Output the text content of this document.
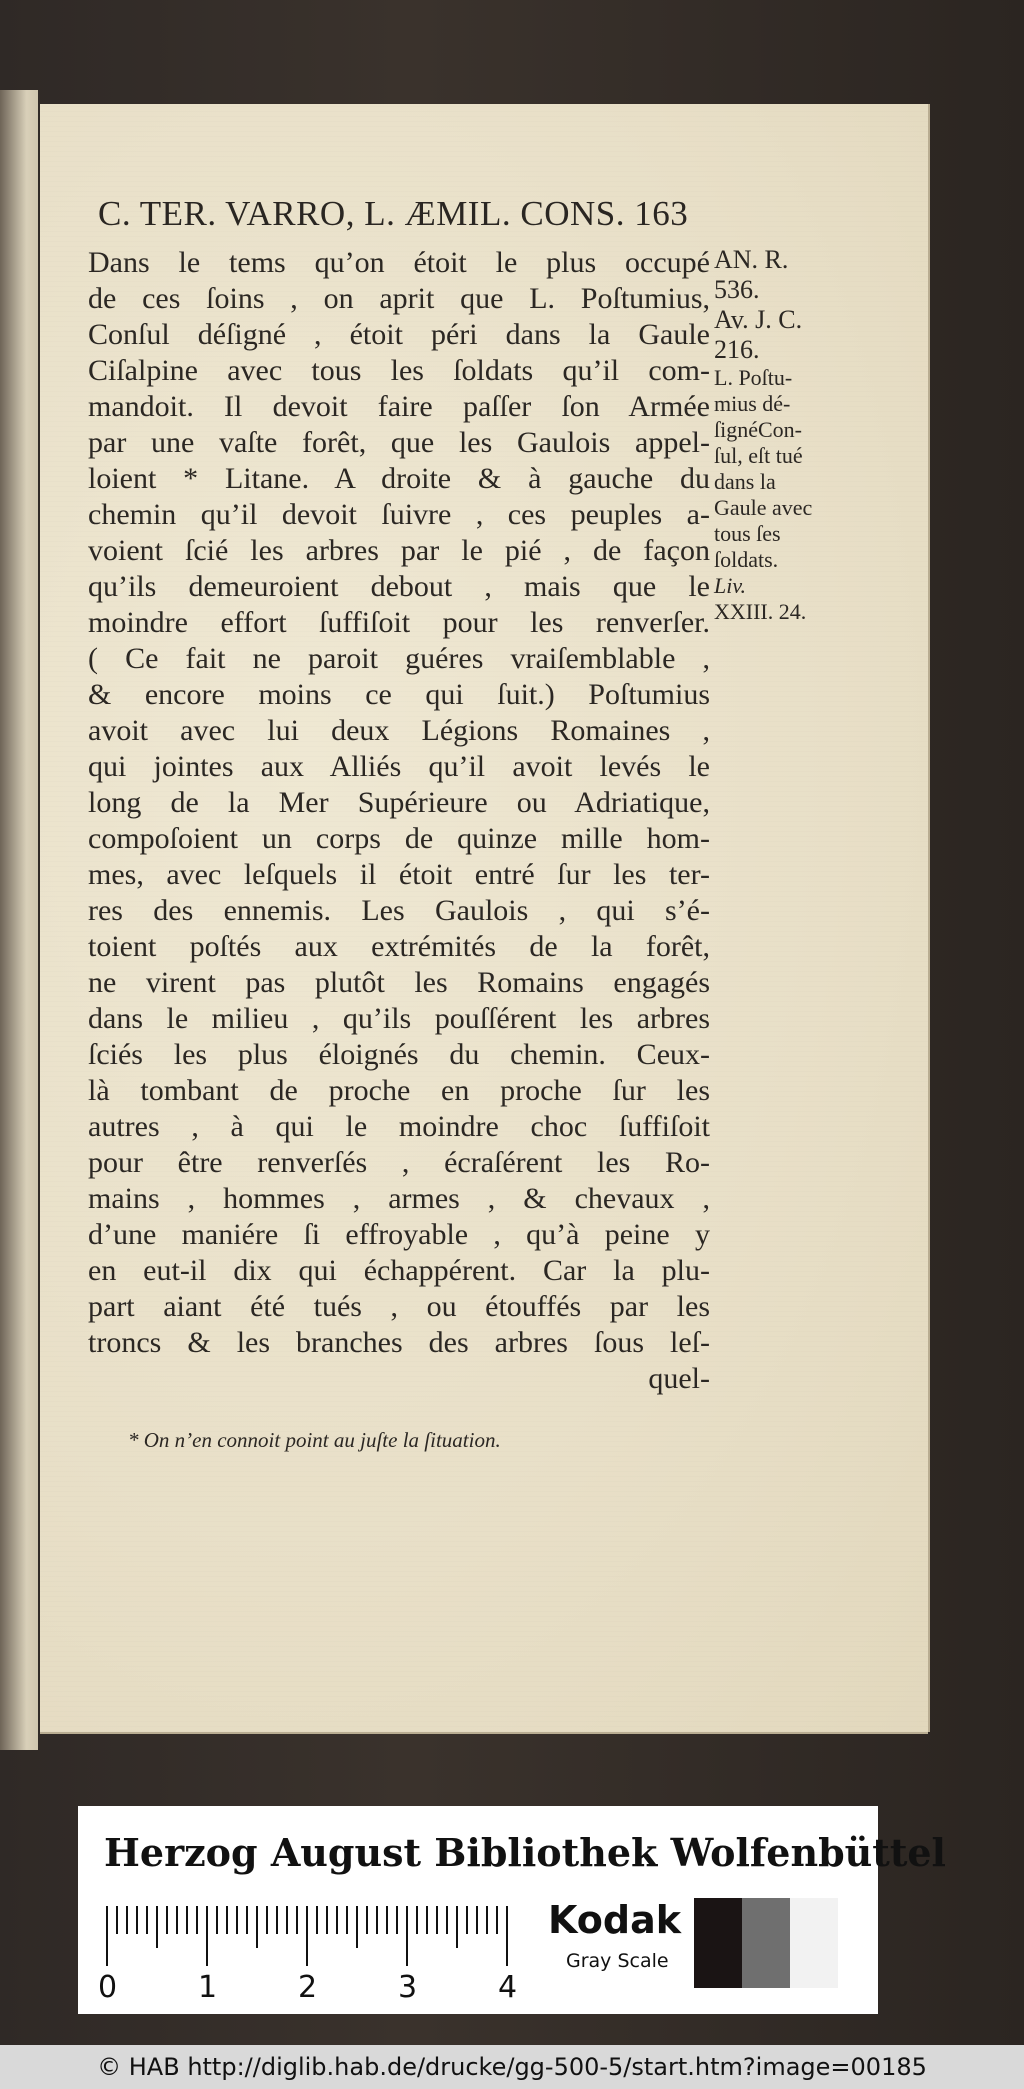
C. TER. VARRO, L. ÆMIL. CONS. 163
Dans le tems qu’on étoit le plus occupé
de ces ſoins , on aprit que L. Poſtumius,
Conſul déſigné , étoit péri dans la Gaule
Ciſalpine avec tous les ſoldats qu’il com-
mandoit. Il devoit faire paſſer ſon Armée
par une vaſte forêt, que les Gaulois appel-
loient * Litane. A droite & à gauche du
chemin qu’il devoit ſuivre , ces peuples a-
voient ſcié les arbres par le pié , de façon
qu’ils demeuroient debout , mais que le
moindre effort ſuffiſoit pour les renverſer.
( Ce fait ne paroit guéres vraiſemblable ,
& encore moins ce qui ſuit.) Poſtumius
avoit avec lui deux Légions Romaines ,
qui jointes aux Alliés qu’il avoit levés le
long de la Mer Supérieure ou Adriatique,
compoſoient un corps de quinze mille hom-
mes, avec leſquels il étoit entré ſur les ter-
res des ennemis. Les Gaulois , qui s’é-
toient poſtés aux extrémités de la forêt,
ne virent pas plutôt les Romains engagés
dans le milieu , qu’ils pouſſérent les arbres
ſciés les plus éloignés du chemin. Ceux-
là tombant de proche en proche ſur les
autres , à qui le moindre choc ſuffiſoit
pour être renverſés , écraſérent les Ro-
mains , hommes , armes , & chevaux ,
d’une maniére ſi effroyable , qu’à peine y
en eut-il dix qui échappérent. Car la plu-
part aiant été tués , ou étouffés par les
troncs & les branches des arbres ſous leſ-
quel-
AN. R.
536.
Av. J. C.
216.
L. Poſtu-
mius dé-
ſignéCon-
ſul, eſt tué
dans la
Gaule avec
tous ſes
ſoldats.
Liv.
XXIII. 24.
* On n’en connoit point au juſte la ſituation.
Herzog August Bibliothek Wolfenbüttel
0	1	2	3	4
Kodak
Gray Scale
© HAB http://diglib.hab.de/drucke/gg-500-5/start.htm?image=00185
